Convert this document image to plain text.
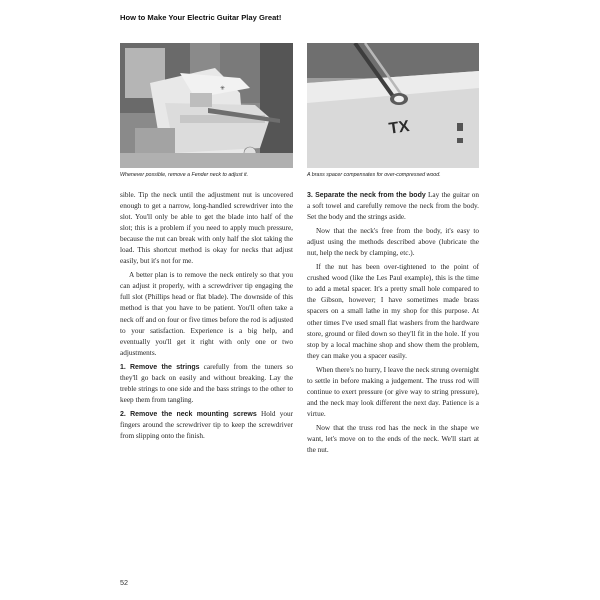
How to Make Your Electric Guitar Play Great!
✳
Whenever possible, remove a Fender neck to adjust it.
TX
A brass spacer compensates for over-compressed wood.

sible. Tip the neck until the adjustment nut is uncovered enough to get a narrow, long-handled screwdriver into the slot. You'll only be able to get the blade into half of the slot; this is a problem if you need to apply much pressure, because the nut can break with only half the slot taking the load. This shortcut method is okay for necks that adjust easily, but it's not for me.

A better plan is to remove the neck entirely so that you can adjust it properly, with a screwdriver tip engaging the full slot (Phillips head or flat blade). The downside of this method is that you have to be patient. You'll often take a neck off and on four or five times before the rod is adjusted to your satisfaction. Experience is a big help, and eventually you'll get it right with only one or two adjustments.

1. Remove the strings carefully from the tuners so they'll go back on easily and without breaking. Lay the treble strings to one side and the bass strings to the other to keep them from tangling.

2. Remove the neck mounting screws Hold your fingers around the screwdriver tip to keep the screwdriver from slipping onto the finish.

3. Separate the neck from the body Lay the guitar on a soft towel and carefully remove the neck from the body. Set the body and the strings aside.

Now that the neck's free from the body, it's easy to adjust using the methods described above (lubricate the nut, help the neck by clamping, etc.).

If the nut has been over-tightened to the point of crushed wood (like the Les Paul example), this is the time to add a metal spacer. It's a pretty small hole compared to the Gibson, however; I have sometimes made brass spacers on a small lathe in my shop for this purpose. At other times I've used small flat washers from the hardware store, ground or filed down so they'll fit in the hole. If you stop by a local machine shop and show them the problem, they can make you a spacer easily.

When there's no hurry, I leave the neck strung overnight to settle in before making a judgement. The truss rod will continue to exert pressure (or give way to string pressure), and the neck may look different the next day. Patience is a virtue.

Now that the truss rod has the neck in the shape we want, let's move on to the ends of the neck. We'll start at the nut.

52
